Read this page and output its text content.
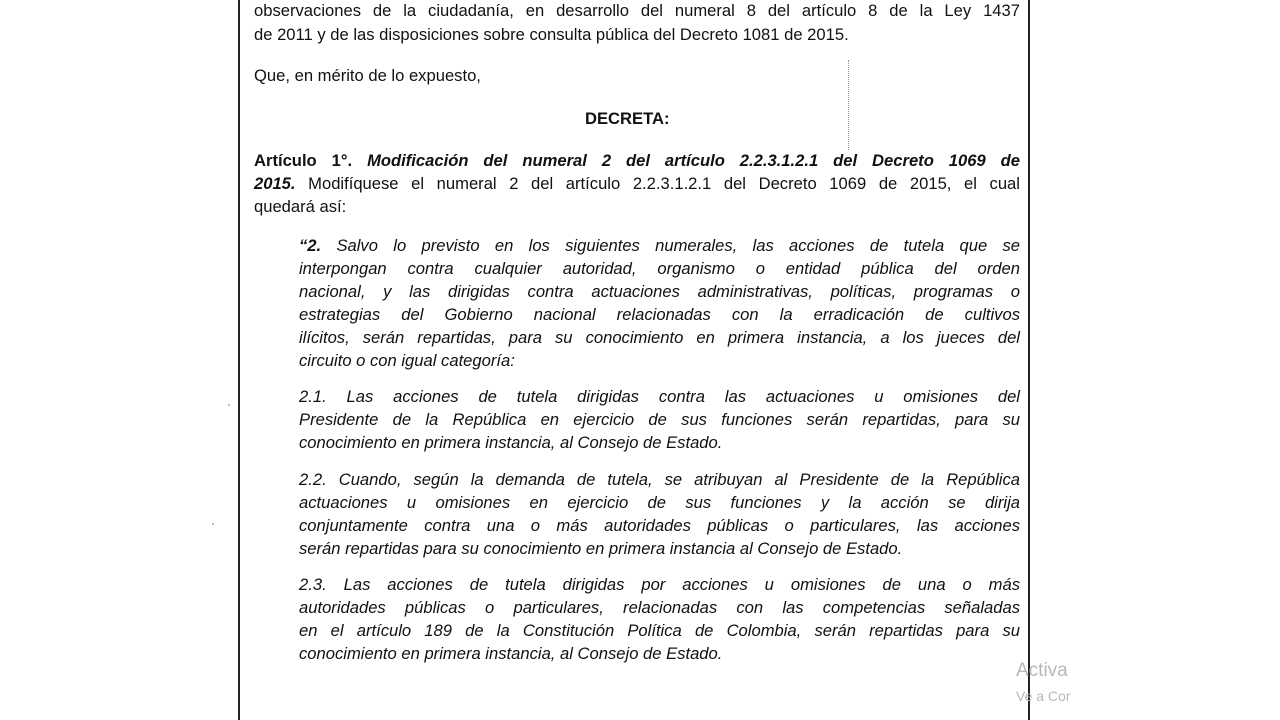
observaciones de la ciudadanía, en desarrollo del numeral 8 del artículo 8 de la Ley 1437
de 2011 y de las disposiciones sobre consulta pública del Decreto 1081 de 2015.
Que, en mérito de lo expuesto,
DECRETA:
Artículo 1°. Modificación del numeral 2 del artículo 2.2.3.1.2.1 del Decreto 1069 de
2015. Modifíquese el numeral 2 del artículo 2.2.3.1.2.1 del Decreto 1069 de 2015, el cual
quedará así:
“2. Salvo lo previsto en los siguientes numerales, las acciones de tutela que se
interpongan contra cualquier autoridad, organismo o entidad pública del orden
nacional, y las dirigidas contra actuaciones administrativas, políticas, programas o
estrategias del Gobierno nacional relacionadas con la erradicación de cultivos
ilícitos, serán repartidas, para su conocimiento en primera instancia, a los jueces del
circuito o con igual categoría:
2.1. Las acciones de tutela dirigidas contra las actuaciones u omisiones del
Presidente de la República en ejercicio de sus funciones serán repartidas, para su
conocimiento en primera instancia, al Consejo de Estado.
2.2. Cuando, según la demanda de tutela, se atribuyan al Presidente de la República
actuaciones u omisiones en ejercicio de sus funciones y la acción se dirija
conjuntamente contra una o más autoridades públicas o particulares, las acciones
serán repartidas para su conocimiento en primera instancia al Consejo de Estado.
2.3. Las acciones de tutela dirigidas por acciones u omisiones de una o más
autoridades públicas o particulares, relacionadas con las competencias señaladas
en el artículo 189 de la Constitución Política de Colombia, serán repartidas para su
conocimiento en primera instancia, al Consejo de Estado.
Activa
Ve a Cor
